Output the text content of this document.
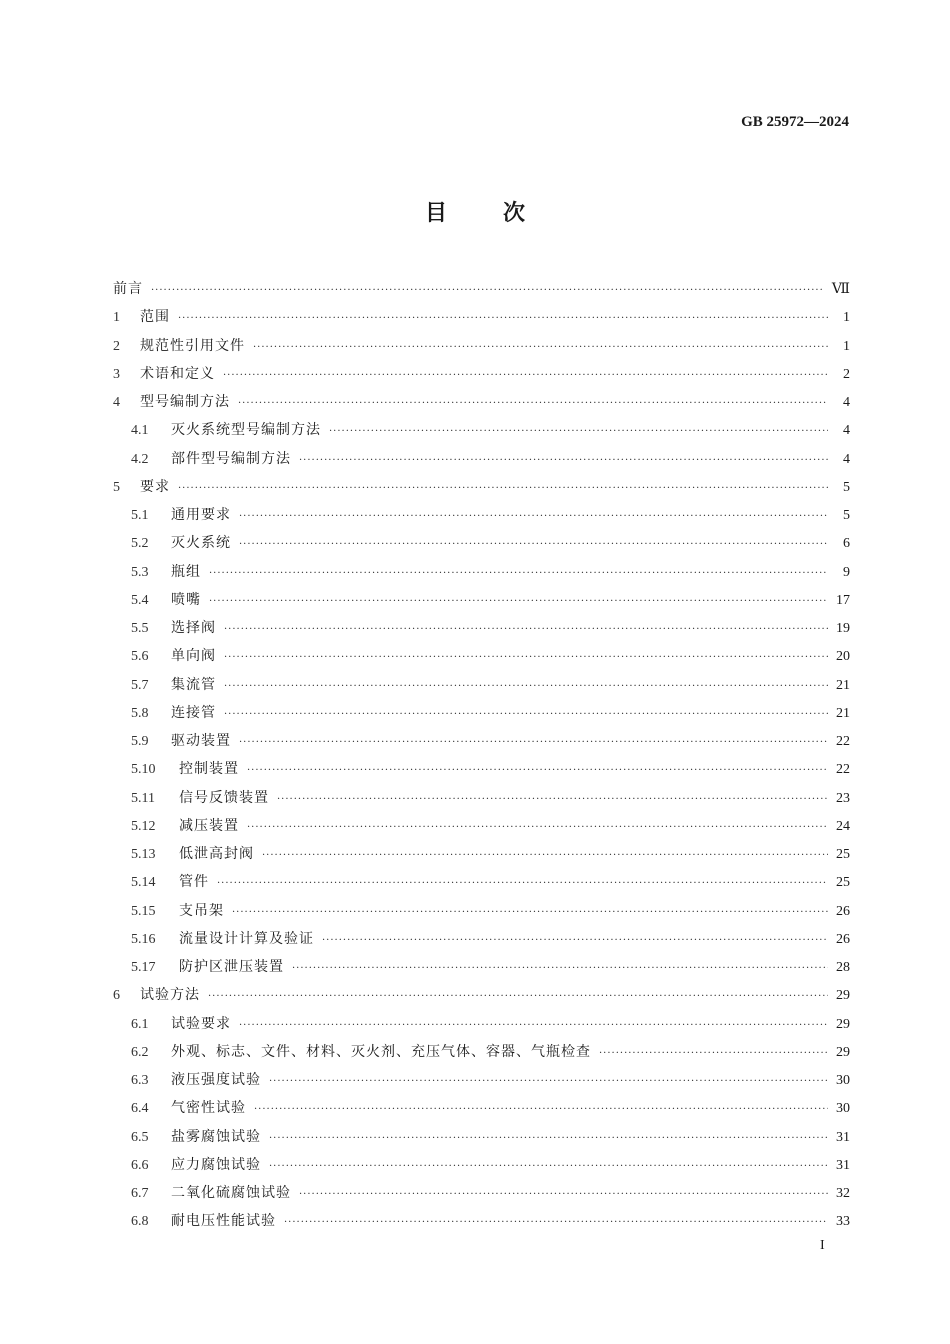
GB 25972—2024
目次
前言 ·····	Ⅶ
1	范围 ·····	1
2	规范性引用文件 ·····	1
3	术语和定义 ·····	2
4	型号编制方法 ·····	4
4.1	灭火系统型号编制方法 ·····	4
4.2	部件型号编制方法 ·····	4
5	要求 ·····	5
5.1	通用要求 ·····	5
5.2	灭火系统 ·····	6
5.3	瓶组 ·····	9
5.4	喷嘴 ·····	17
5.5	选择阀 ·····	19
5.6	单向阀 ·····	20
5.7	集流管 ·····	21
5.8	连接管 ·····	21
5.9	驱动装置 ·····	22
5.10	控制装置 ·····	22
5.11	信号反馈装置 ·····	23
5.12	减压装置 ·····	24
5.13	低泄高封阀 ·····	25
5.14	管件 ·····	25
5.15	支吊架 ·····	26
5.16	流量设计计算及验证 ·····	26
5.17	防护区泄压装置 ·····	28
6	试验方法 ·····	29
6.1	试验要求 ·····	29
6.2	外观、标志、文件、材料、灭火剂、充压气体、容器、气瓶检查 ·····	29
6.3	液压强度试验 ·····	30
6.4	气密性试验 ·····	30
6.5	盐雾腐蚀试验 ·····	31
6.6	应力腐蚀试验 ·····	31
6.7	二氧化硫腐蚀试验 ·····	32
6.8	耐电压性能试验 ·····	33
I
